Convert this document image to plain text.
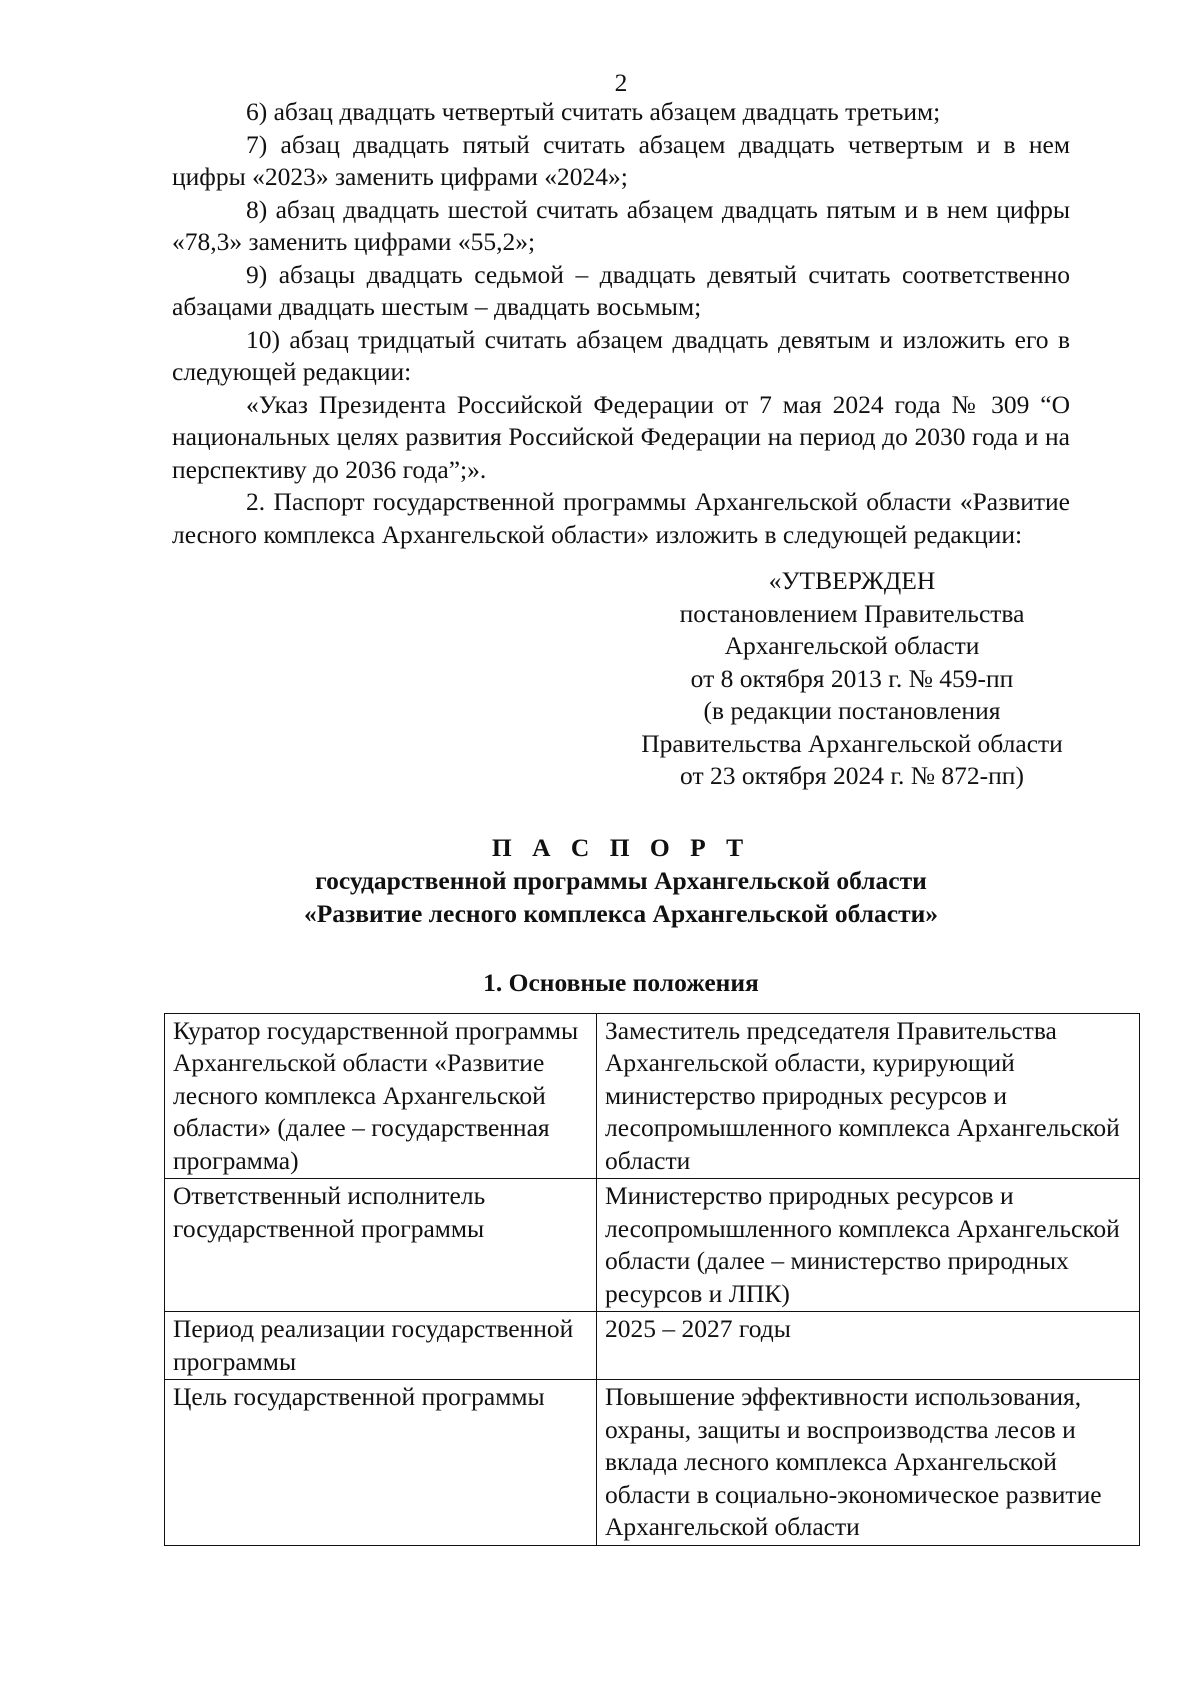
2

6) абзац двадцать четвертый считать абзацем двадцать третьим;

7) абзац двадцать пятый считать абзацем двадцать четвертым и в нем цифры «2023» заменить цифрами «2024»;

8) абзац двадцать шестой считать абзацем двадцать пятым и в нем цифры «78,3» заменить цифрами «55,2»;

9) абзацы двадцать седьмой – двадцать девятый считать соответственно абзацами двадцать шестым – двадцать восьмым;

10) абзац тридцатый считать абзацем двадцать девятым и изложить его в следующей редакции:

«Указ Президента Российской Федерации от 7 мая 2024 года № 309 “О национальных целях развития Российской Федерации на период до 2030 года и на перспективу до 2036 года”;».

2. Паспорт государственной программы Архангельской области «Развитие лесного комплекса Архангельской области» изложить в следующей редакции:

«УТВЕРЖДЕН
постановлением Правительства
Архангельской области
от 8 октября 2013 г. № 459-пп
(в редакции постановления
Правительства Архангельской области
от 23 октября 2024 г. № 872-пп)
П А С П О Р Т
государственной программы Архангельской области
«Развитие лесного комплекса Архангельской области»
1. Основные положения
Куратор государственной программы Архангельской области «Развитие лесного комплекса Архангельской области» (далее – государственная программа)	Заместитель председателя Правительства Архангельской области, курирующий министерство природных ресурсов и лесопромышленного комплекса Архангельской области
Ответственный исполнитель государственной программы	Министерство природных ресурсов и лесопромышленного комплекса Архангельской области (далее – министерство природных ресурсов и ЛПК)
Период реализации государственной программы	2025 – 2027 годы
Цель государственной программы	Повышение эффективности использования, охраны, защиты и воспроизводства лесов и вклада лесного комплекса Архангельской области в социально-экономическое развитие Архангельской области
